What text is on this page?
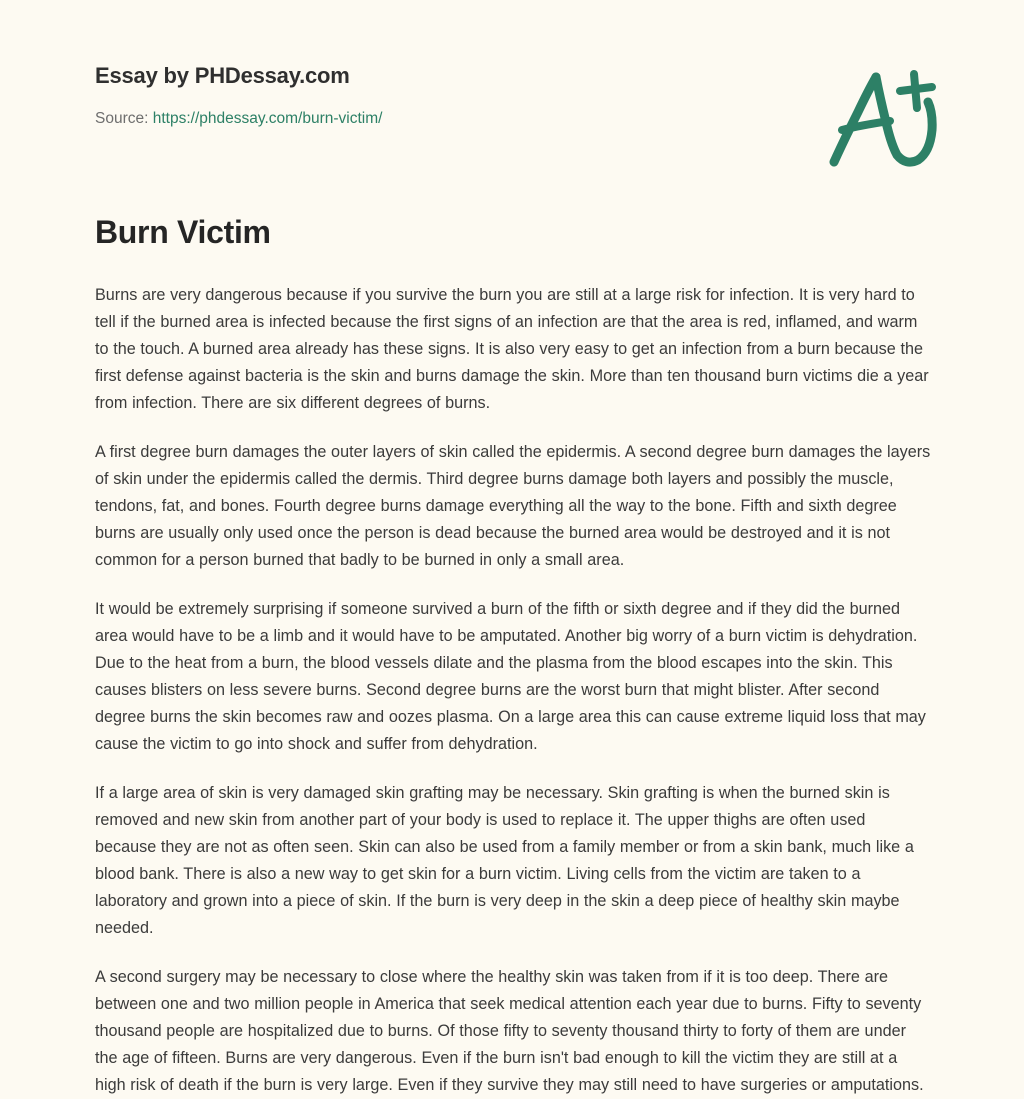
Essay by PHDessay.com
Source: https://phdessay.com/burn-victim/
Burn Victim

Burns are very dangerous because if you survive the burn you are still at a large risk for infection. It is very hard to tell if the burned area is infected because the first signs of an infection are that the area is red, inflamed, and warm to the touch. A burned area already has these signs. It is also very easy to get an infection from a burn because the first defense against bacteria is the skin and burns damage the skin. More than ten thousand burn victims die a year from infection. There are six different degrees of burns.

A first degree burn damages the outer layers of skin called the epidermis. A second degree burn damages the layers of skin under the epidermis called the dermis. Third degree burns damage both layers and possibly the muscle, tendons, fat, and bones. Fourth degree burns damage everything all the way to the bone. Fifth and sixth degree burns are usually only used once the person is dead because the burned area would be destroyed and it is not common for a person burned that badly to be burned in only a small area.

It would be extremely surprising if someone survived a burn of the fifth or sixth degree and if they did the burned area would have to be a limb and it would have to be amputated. Another big worry of a burn victim is dehydration. Due to the heat from a burn, the blood vessels dilate and the plasma from the blood escapes into the skin. This causes blisters on less severe burns. Second degree burns are the worst burn that might blister. After second degree burns the skin becomes raw and oozes plasma. On a large area this can cause extreme liquid loss that may cause the victim to go into shock and suffer from dehydration.

If a large area of skin is very damaged skin grafting may be necessary. Skin grafting is when the burned skin is removed and new skin from another part of your body is used to replace it. The upper thighs are often used because they are not as often seen. Skin can also be used from a family member or from a skin bank, much like a blood bank. There is also a new way to get skin for a burn victim. Living cells from the victim are taken to a laboratory and grown into a piece of skin. If the burn is very deep in the skin a deep piece of healthy skin maybe needed.

A second surgery may be necessary to close where the healthy skin was taken from if it is too deep. There are between one and two million people in America that seek medical attention each year due to burns. Fifty to seventy thousand people are hospitalized due to burns. Of those fifty to seventy thousand thirty to forty of them are under the age of fifteen. Burns are very dangerous. Even if the burn isn't bad enough to kill the victim they are still at a high risk of death if the burn is very large. Even if they survive they may still need to have surgeries or amputations.
